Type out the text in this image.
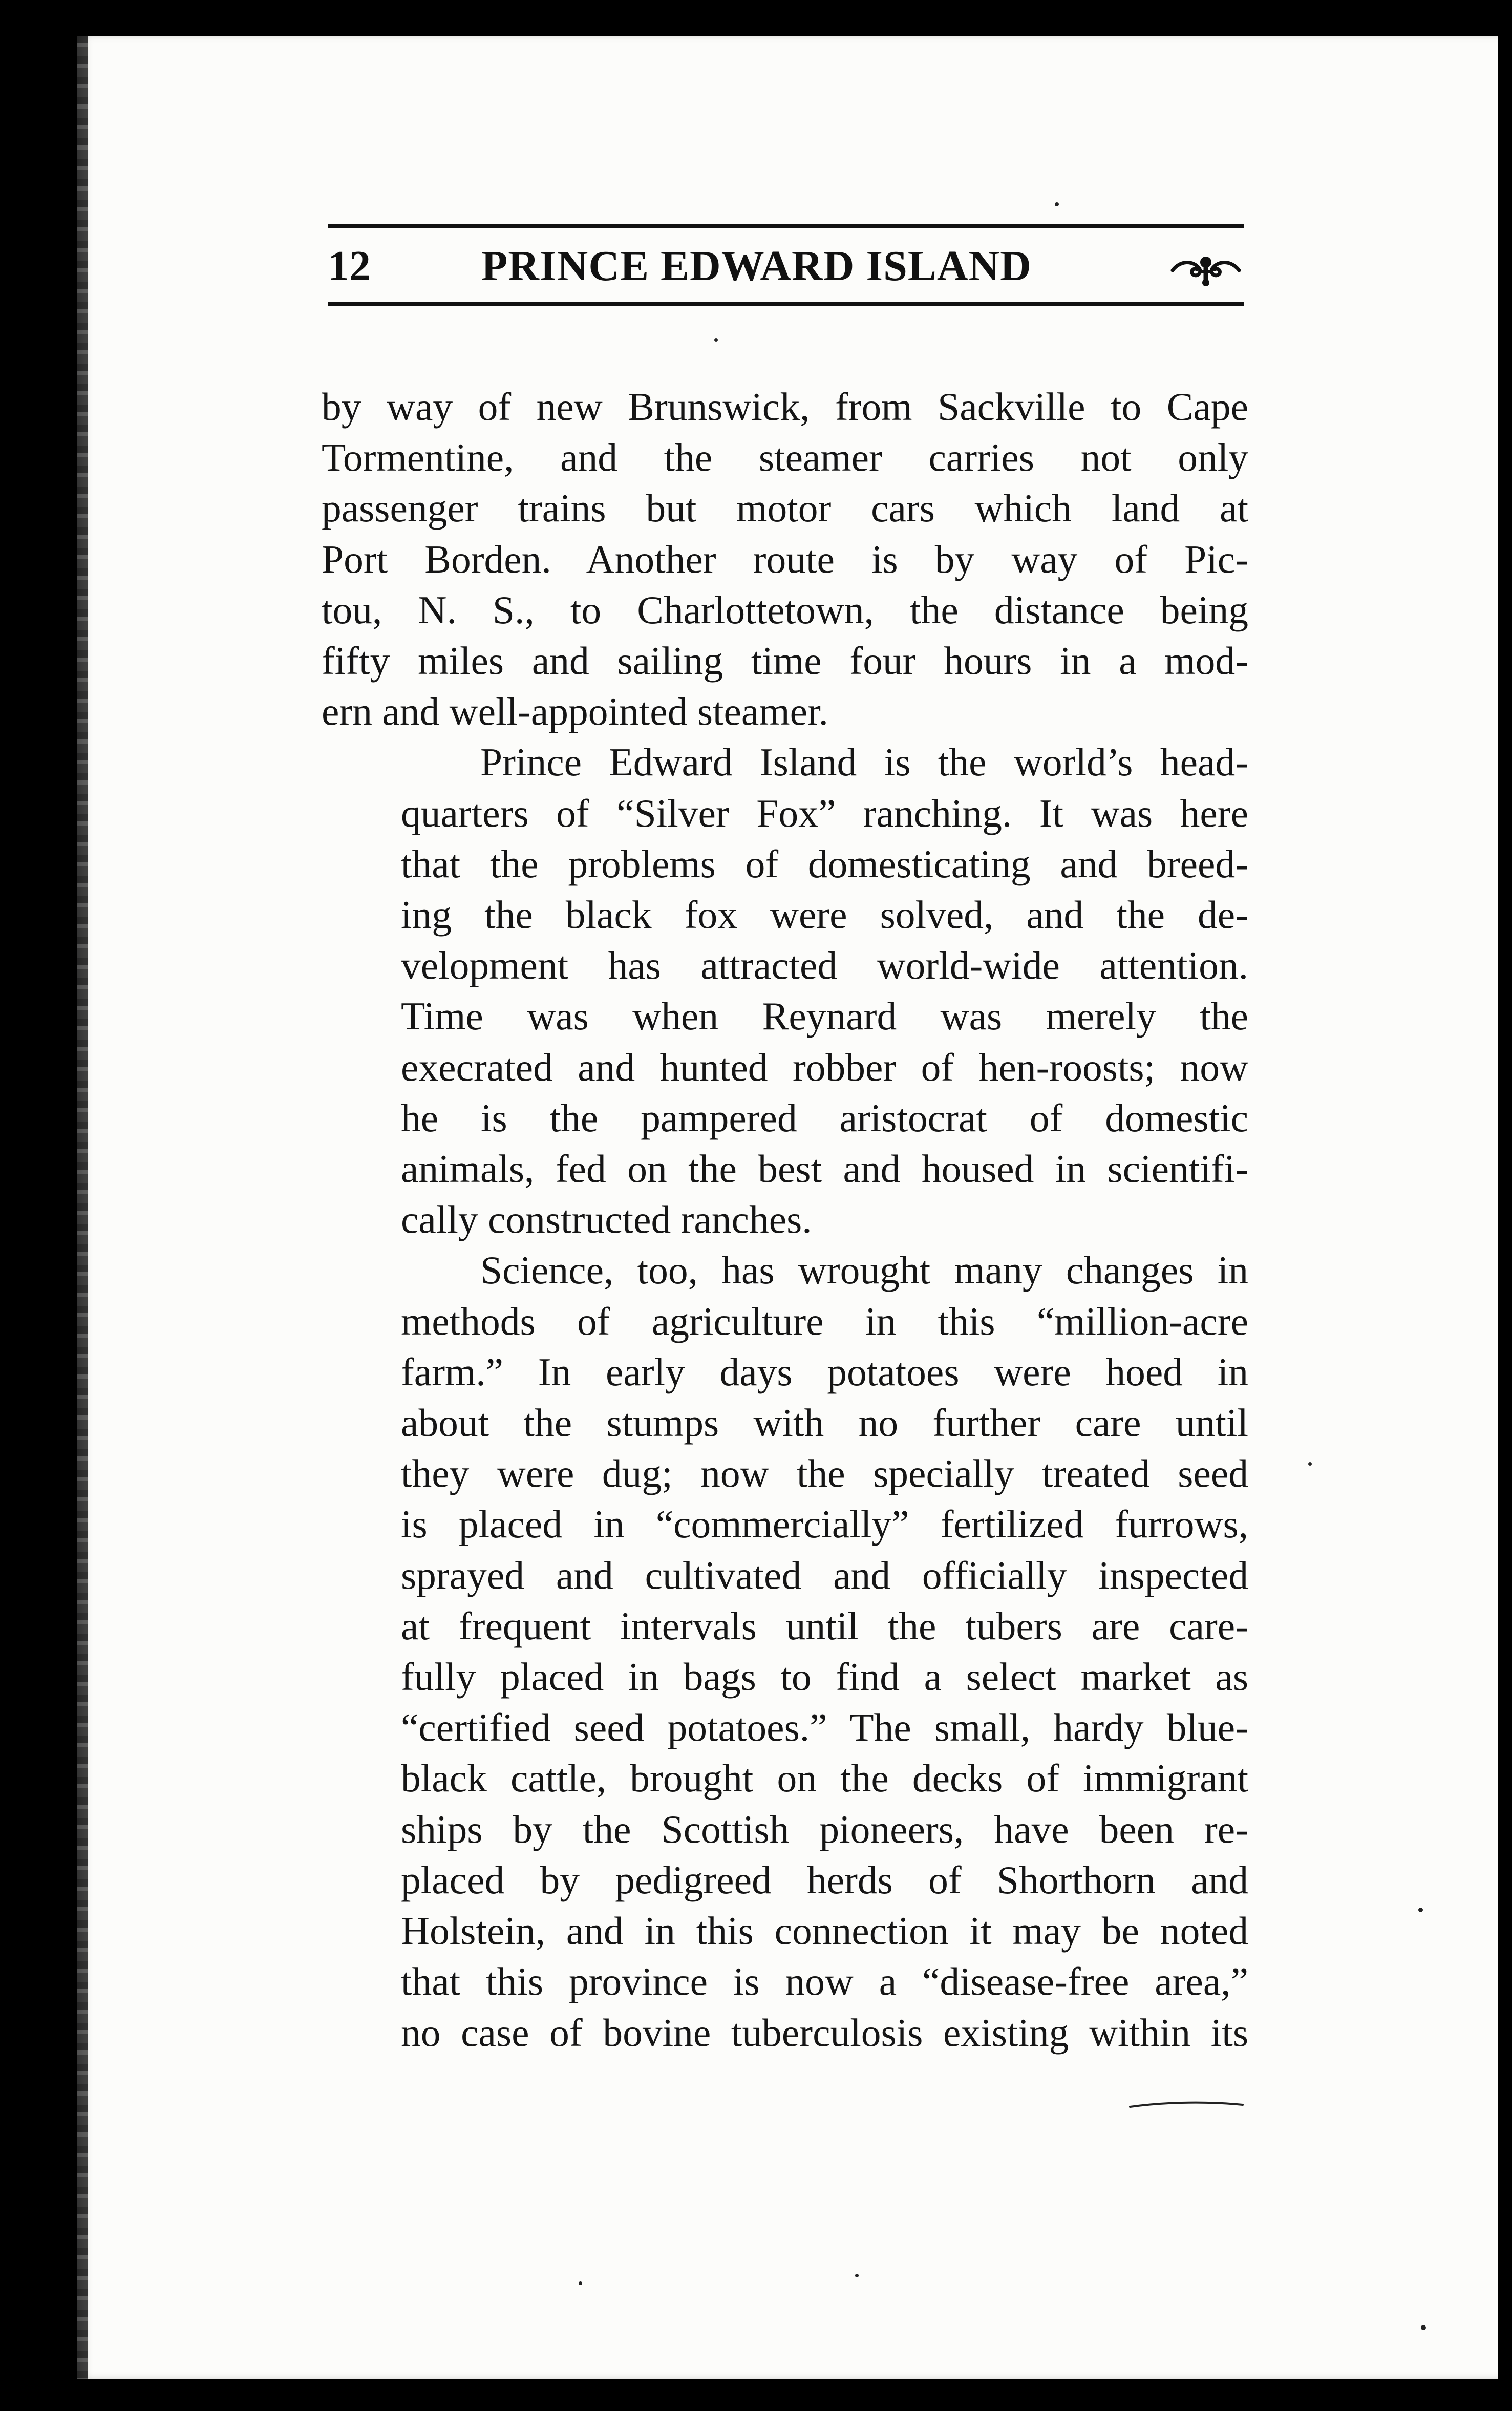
12	PRINCE EDWARD ISLAND

by way of new Brunswick, from Sackville to Cape
Tormentine, and the steamer carries not only
passenger trains but motor cars which land at
Port Borden. Another route is by way of Pic-
tou, N. S., to Charlottetown, the distance being
fifty miles and sailing time four hours in a mod-
ern and well-appointed steamer.

Prince Edward Island is the world’s head-
quarters of “Silver Fox” ranching. It was here
that the problems of domesticating and breed-
ing the black fox were solved, and the de-
velopment has attracted world-wide attention.
Time was when Reynard was merely the
execrated and hunted robber of hen-roosts; now
he is the pampered aristocrat of domestic
animals, fed on the best and housed in scientifi-
cally constructed ranches.

Science, too, has wrought many changes in
methods of agriculture in this “million-acre
farm.” In early days potatoes were hoed in
about the stumps with no further care until
they were dug; now the specially treated seed
is placed in “commercially” fertilized furrows,
sprayed and cultivated and officially inspected
at frequent intervals until the tubers are care-
fully placed in bags to find a select market as
“certified seed potatoes.” The small, hardy blue-
black cattle, brought on the decks of immigrant
ships by the Scottish pioneers, have been re-
placed by pedigreed herds of Shorthorn and
Holstein, and in this connection it may be noted
that this province is now a “disease-free area,”
no case of bovine tuberculosis existing within its
